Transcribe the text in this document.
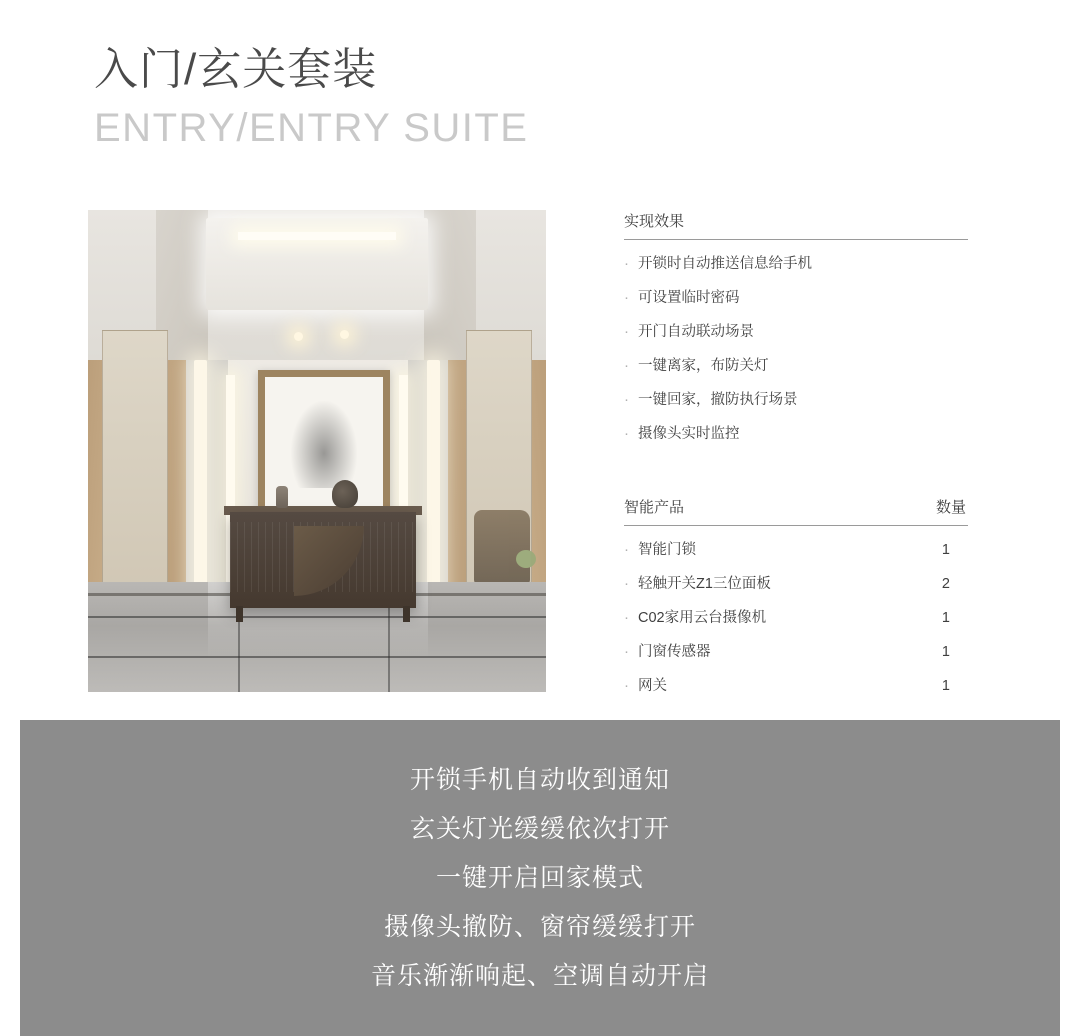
入门/玄关套装
ENTRY/ENTRY SUITE
实现效果
· 开锁时自动推送信息给手机
· 可设置临时密码
· 开门自动联动场景
· 一键离家，布防关灯
· 一键回家，撤防执行场景
· 摄像头实时监控
智能产品	数量
· 智能门锁	1
· 轻触开关Z1三位面板	2
· C02家用云台摄像机	1
· 门窗传感器	1
· 网关	1

开锁手机自动收到通知

玄关灯光缓缓依次打开

一键开启回家模式

摄像头撤防、窗帘缓缓打开

音乐渐渐响起、空调自动开启
